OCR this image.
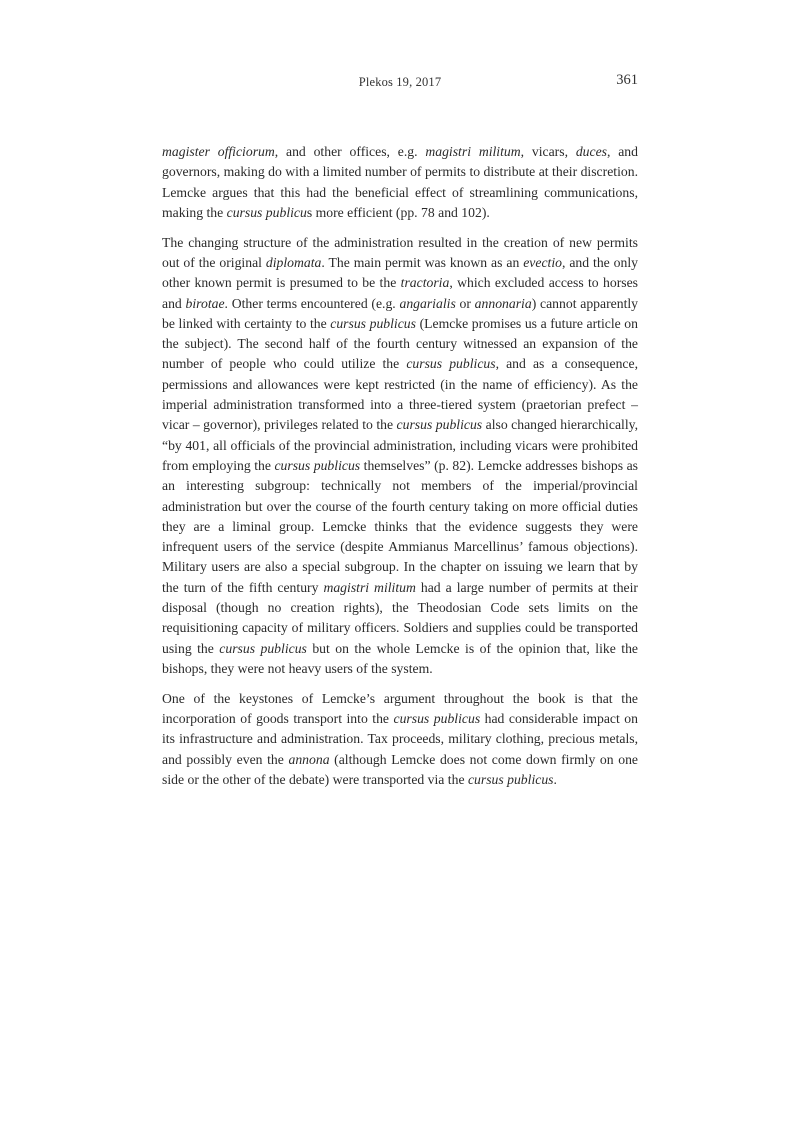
Plekos 19, 2017	361

magister officiorum, and other offices, e.g. magistri militum, vicars, duces, and governors, making do with a limited number of permits to distribute at their discretion. Lemcke argues that this had the beneficial effect of streamlining communications, making the cursus publicus more efficient (pp. 78 and 102).

The changing structure of the administration resulted in the creation of new permits out of the original diplomata. The main permit was known as an evectio, and the only other known permit is presumed to be the tractoria, which excluded access to horses and birotae. Other terms encountered (e.g. angarialis or annonaria) cannot apparently be linked with certainty to the cursus publicus (Lemcke promises us a future article on the subject). The second half of the fourth century witnessed an expansion of the number of people who could utilize the cursus publicus, and as a consequence, permissions and allowances were kept restricted (in the name of efficiency). As the imperial administration transformed into a three-tiered system (praetorian prefect – vicar – governor), privileges related to the cursus publicus also changed hierarchically, “by 401, all officials of the provincial administration, including vicars were prohibited from employing the cursus publicus themselves” (p. 82). Lemcke addresses bishops as an interesting subgroup: technically not members of the imperial/provincial administration but over the course of the fourth century taking on more official duties they are a liminal group. Lemcke thinks that the evidence suggests they were infrequent users of the service (despite Ammianus Marcellinus’ famous objections). Military users are also a special subgroup. In the chapter on issuing we learn that by the turn of the fifth century magistri militum had a large number of permits at their disposal (though no creation rights), the Theodosian Code sets limits on the requisitioning capacity of military officers. Soldiers and supplies could be transported using the cursus publicus but on the whole Lemcke is of the opinion that, like the bishops, they were not heavy users of the system.

One of the keystones of Lemcke’s argument throughout the book is that the incorporation of goods transport into the cursus publicus had considerable impact on its infrastructure and administration. Tax proceeds, military clothing, precious metals, and possibly even the annona (although Lemcke does not come down firmly on one side or the other of the debate) were transported via the cursus publicus.
